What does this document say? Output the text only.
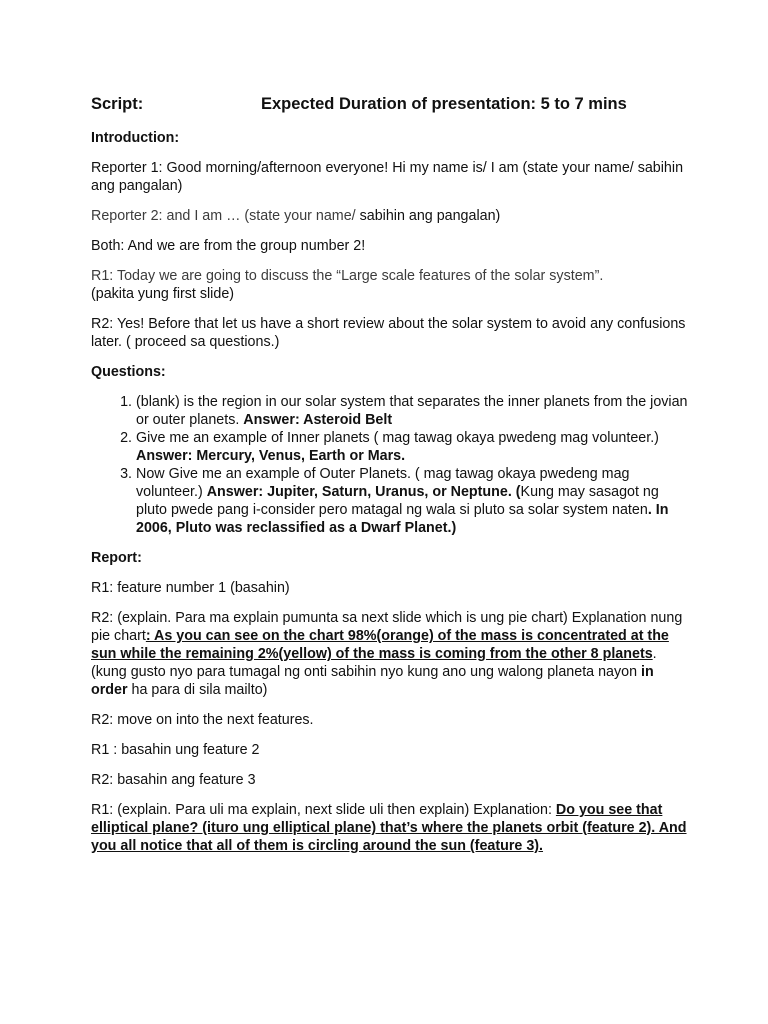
Script:	Expected Duration of presentation: 5 to 7 mins
Introduction:

Reporter 1: Good morning/afternoon everyone! Hi my name is/ I am (state your name/ sabihin ang pangalan)

Reporter 2: and I am … (state your name/ sabihin ang pangalan)

Both: And we are from the group number 2!

R1: Today we are going to discuss the “Large scale features of the solar system”.
(pakita yung first slide)

R2: Yes! Before that let us have a short review about the solar system to avoid any confusions later. ( proceed sa questions.)

Questions:
1. (blank) is the region in our solar system that separates the inner planets from the jovian or outer planets. Answer: Asteroid Belt
2. Give me an example of Inner planets ( mag tawag okaya pwedeng mag volunteer.) Answer: Mercury, Venus, Earth or Mars.
3. Now Give me an example of Outer Planets. ( mag tawag okaya pwedeng mag volunteer.) Answer: Jupiter, Saturn, Uranus, or Neptune. (Kung may sasagot ng pluto pwede pang i-consider pero matagal ng wala si pluto sa solar system naten. In 2006, Pluto was reclassified as a Dwarf Planet.)
Report:

R1: feature number 1 (basahin)

R2: (explain. Para ma explain pumunta sa next slide which is ung pie chart) Explanation nung pie chart: As you can see on the chart 98%(orange) of the mass is concentrated at the sun while the remaining 2%(yellow) of the mass is coming from the other 8 planets. (kung gusto nyo para tumagal ng onti sabihin nyo kung ano ung walong planeta nayon in order ha para di sila mailto)

R2: move on into the next features.

R1 : basahin ung feature 2

R2: basahin ang feature 3

R1: (explain. Para uli ma explain, next slide uli then explain) Explanation: Do you see that elliptical plane? (ituro ung elliptical plane) that’s where the planets orbit (feature 2). And you all notice that all of them is circling around the sun (feature 3).
